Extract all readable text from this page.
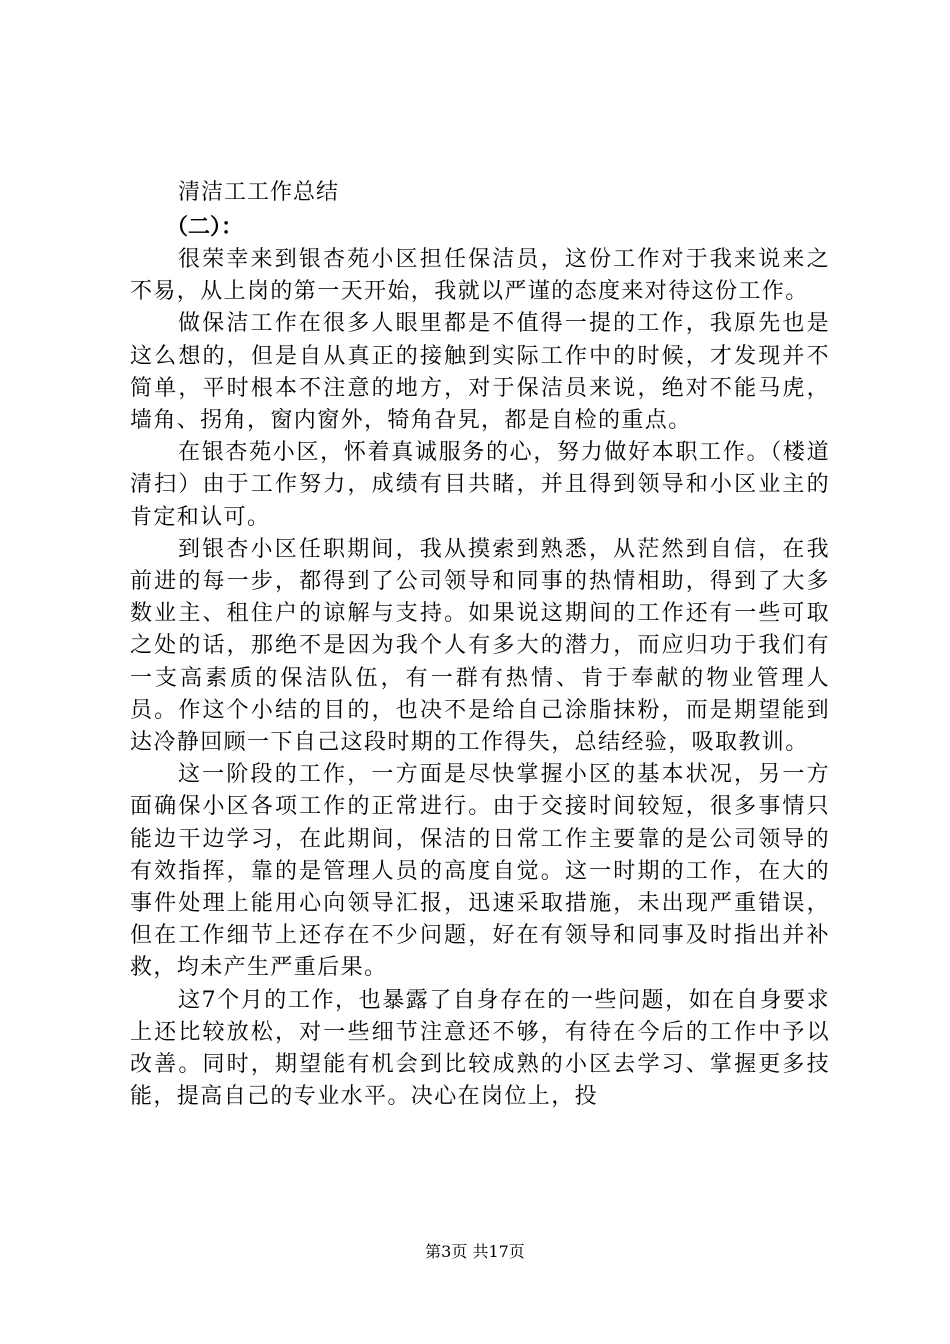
清洁工工作总结
（二）：

很荣幸来到银杏苑小区担任保洁员，这份工作对于我来说来之不易，从上岗的第一天开始，我就以严谨的态度来对待这份工作。

做保洁工作在很多人眼里都是不值得一提的工作，我原先也是这么想的，但是自从真正的接触到实际工作中的时候，才发现并不简单，平时根本不注意的地方，对于保洁员来说，绝对不能马虎，墙角、拐角，窗内窗外，犄角旮旯，都是自检的重点。

在银杏苑小区，怀着真诚服务的心，努力做好本职工作。（楼道清扫）由于工作努力，成绩有目共睹，并且得到领导和小区业主的肯定和认可。

到银杏小区任职期间，我从摸索到熟悉，从茫然到自信，在我前进的每一步，都得到了公司领导和同事的热情相助，得到了大多数业主、租住户的谅解与支持。如果说这期间的工作还有一些可取之处的话，那绝不是因为我个人有多大的潜力，而应归功于我们有一支高素质的保洁队伍，有一群有热情、肯于奉献的物业管理人员。作这个小结的目的，也决不是给自己涂脂抹粉，而是期望能到达冷静回顾一下自己这段时期的工作得失，总结经验，吸取教训。

这一阶段的工作，一方面是尽快掌握小区的基本状况，另一方面确保小区各项工作的正常进行。由于交接时间较短，很多事情只能边干边学习，在此期间，保洁的日常工作主要靠的是公司领导的有效指挥，靠的是管理人员的高度自觉。这一时期的工作，在大的事件处理上能用心向领导汇报，迅速采取措施，未出现严重错误，但在工作细节上还存在不少问题，好在有领导和同事及时指出并补救，均未产生严重后果。

这7个月的工作，也暴露了自身存在的一些问题，如在自身要求上还比较放松，对一些细节注意还不够，有待在今后的工作中予以改善。同时，期望能有机会到比较成熟的小区去学习、掌握更多技能，提高自己的专业水平。决心在岗位上，投

第3页 共17页
